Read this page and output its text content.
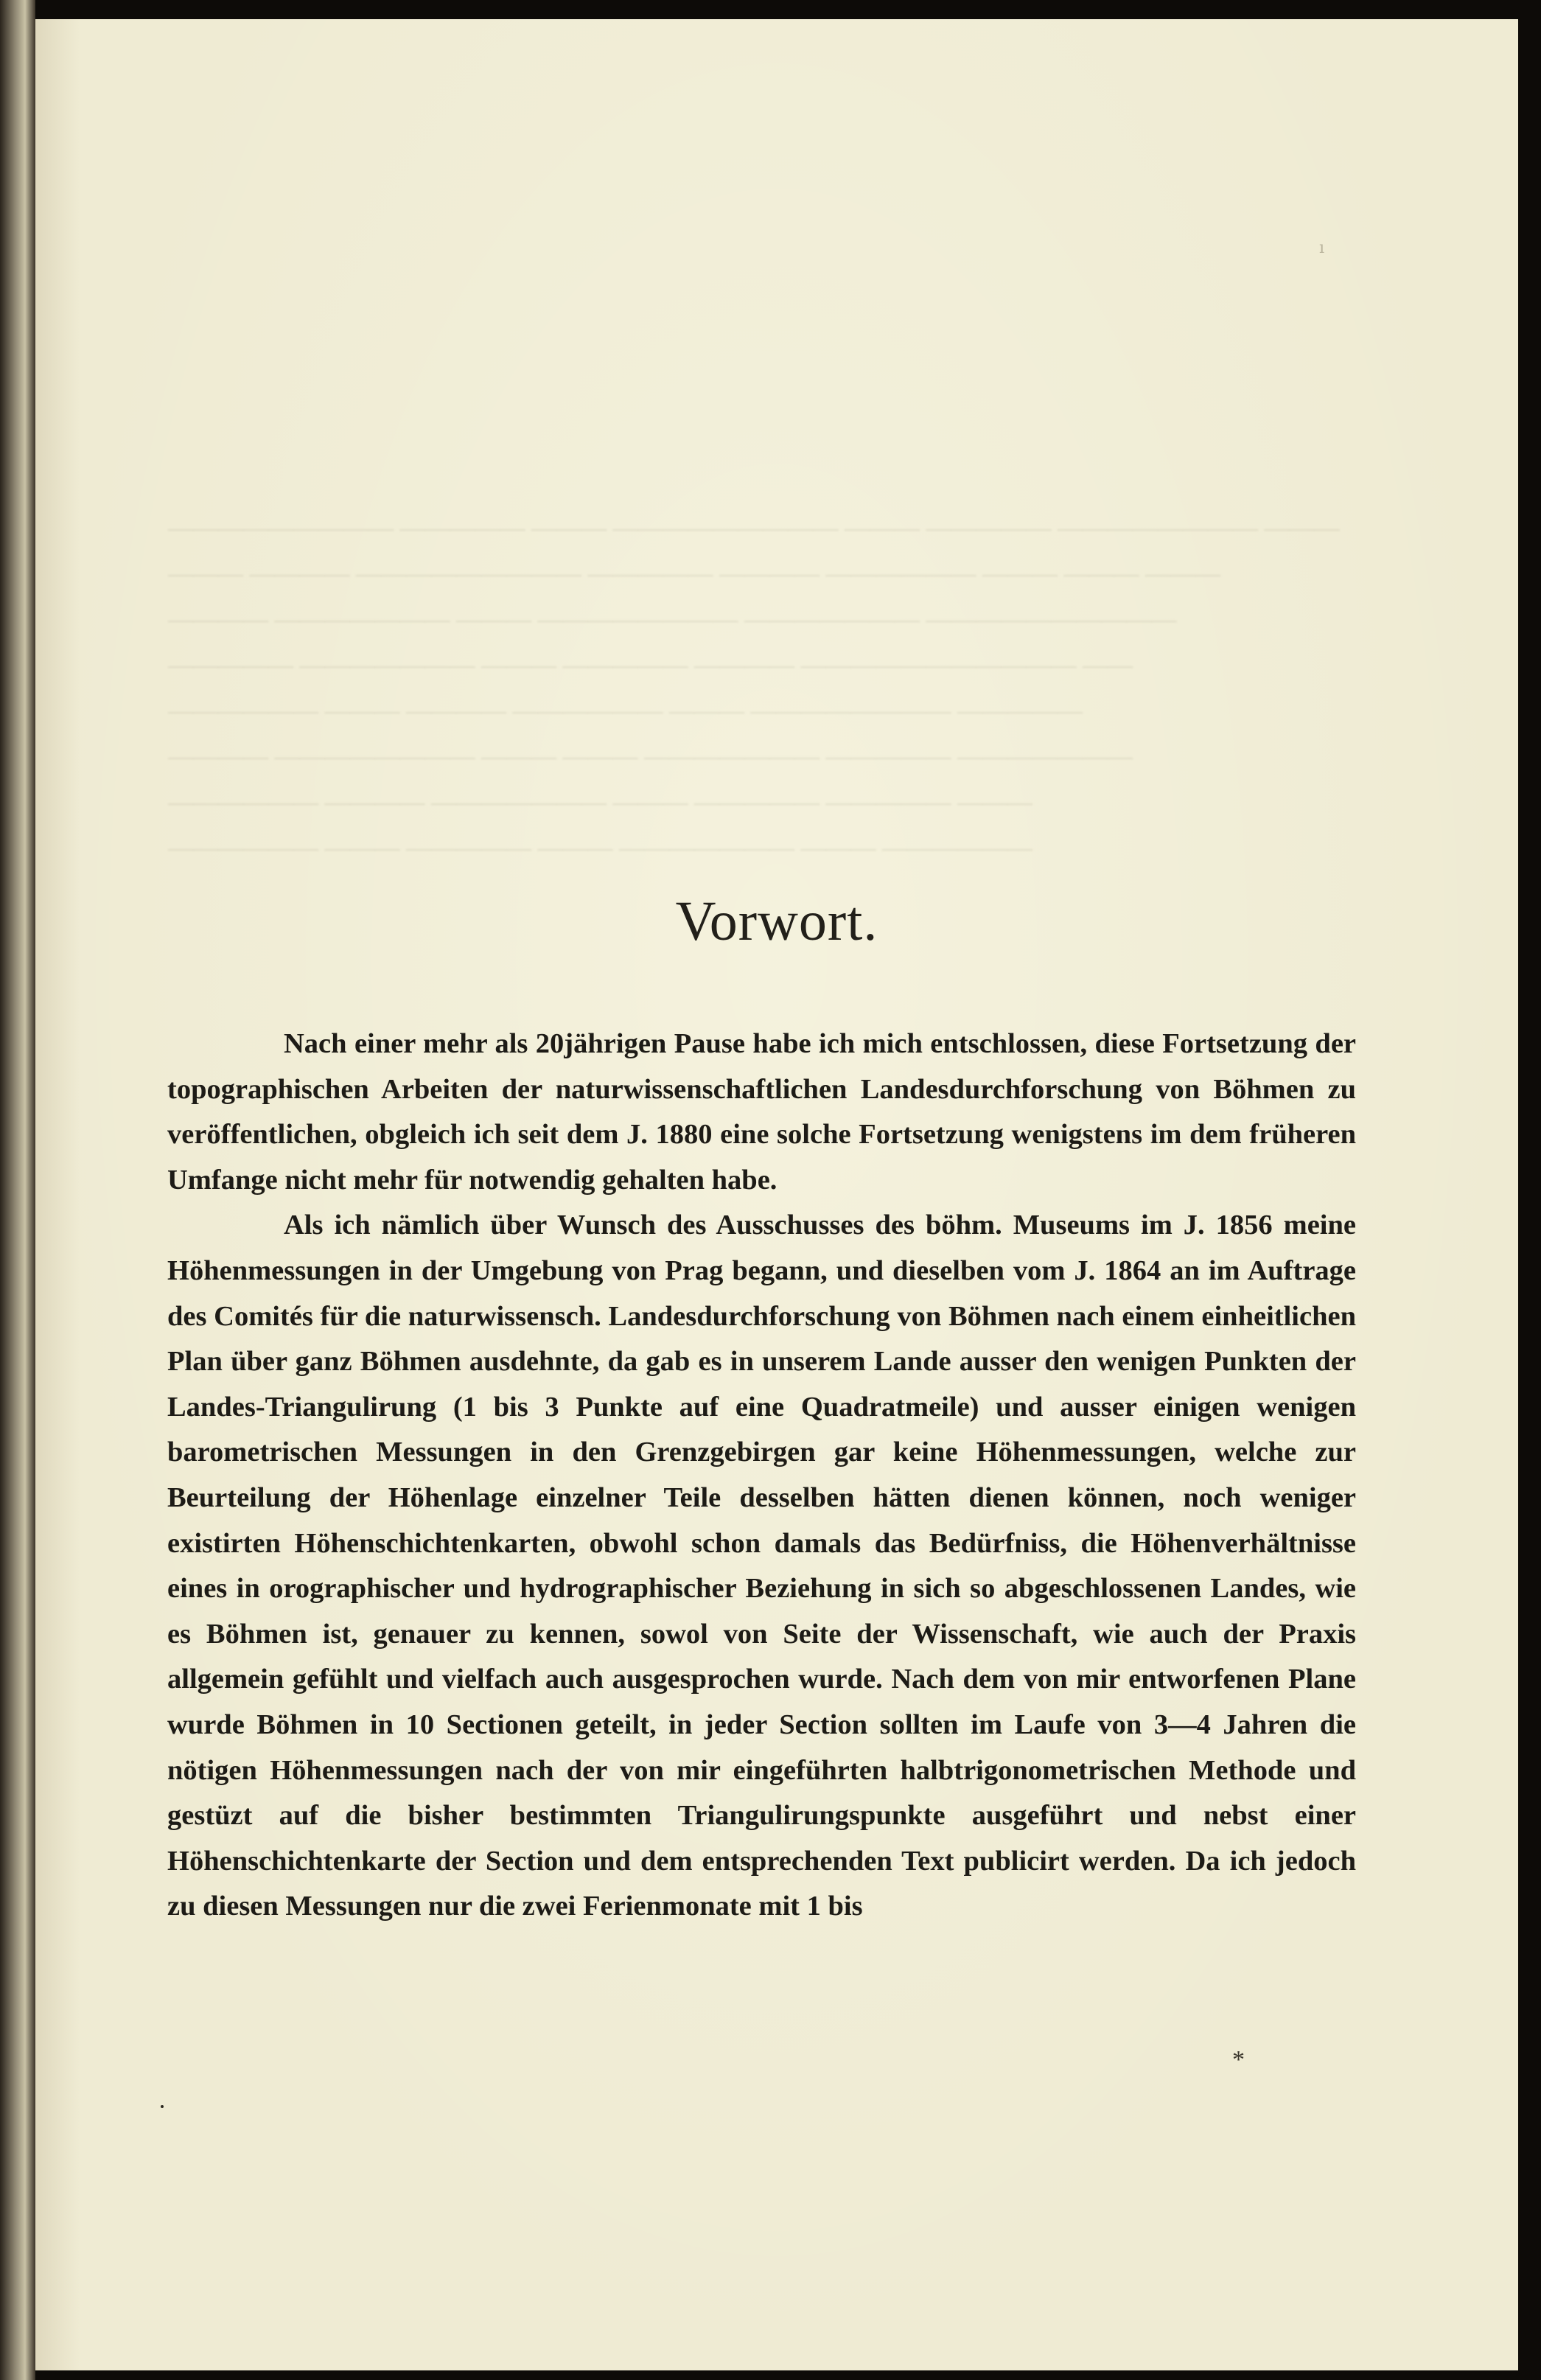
ı
————————— ————— ——— ————————— ——— ————— ———————— ———
——— ———— ————————— ————— ———— —————— ——— ——— ———
———— ——————— ——— ———————— ——————— ——————————
————— ——————— ——— ————— ———— ——————————— ——
—————— ——— ———— —————— ——— ———————— —————
———— ———————— ——— ——— ——————— ————— ———————
—————— ———— ——————— ——— ————— ————— ———
—————— ——— ————— ——— ——————— ——— ——————
Vorwort.

Nach einer mehr als 20jährigen Pause habe ich mich entschlossen, diese Fortsetzung der topographischen Arbeiten der naturwissenschaftlichen Landesdurchforschung von Böhmen zu veröffentlichen, obgleich ich seit dem J. 1880 eine solche Fortsetzung wenigstens im dem früheren Umfange nicht mehr für notwendig gehalten habe.

Als ich nämlich über Wunsch des Ausschusses des böhm. Museums im J. 1856 meine Höhenmessungen in der Umgebung von Prag begann, und dieselben vom J. 1864 an im Auftrage des Comités für die naturwissensch. Landesdurchforschung von Böhmen nach einem einheitlichen Plan über ganz Böhmen ausdehnte, da gab es in unserem Lande ausser den wenigen Punkten der Landes-Triangulirung (1 bis 3 Punkte auf eine Quadratmeile) und ausser einigen wenigen barometrischen Messungen in den Grenzgebirgen gar keine Höhenmessungen, welche zur Beurteilung der Höhenlage einzelner Teile desselben hätten dienen können, noch weniger existirten Höhenschichtenkarten, obwohl schon damals das Bedürfniss, die Höhenverhältnisse eines in orographischer und hydrographischer Beziehung in sich so abgeschlossenen Landes, wie es Böhmen ist, genauer zu kennen, sowol von Seite der Wissenschaft, wie auch der Praxis allgemein gefühlt und vielfach auch ausgesprochen wurde. Nach dem von mir entworfenen Plane wurde Böhmen in 10 Sectionen geteilt, in jeder Section sollten im Laufe von 3—4 Jahren die nötigen Höhenmessungen nach der von mir eingeführten halbtrigonometrischen Methode und gestüzt auf die bisher bestimmten Triangulirungspunkte ausgeführt und nebst einer Höhenschichtenkarte der Section und dem entsprechenden Text publicirt werden. Da ich jedoch zu diesen Messungen nur die zwei Ferienmonate mit 1 bis

*
